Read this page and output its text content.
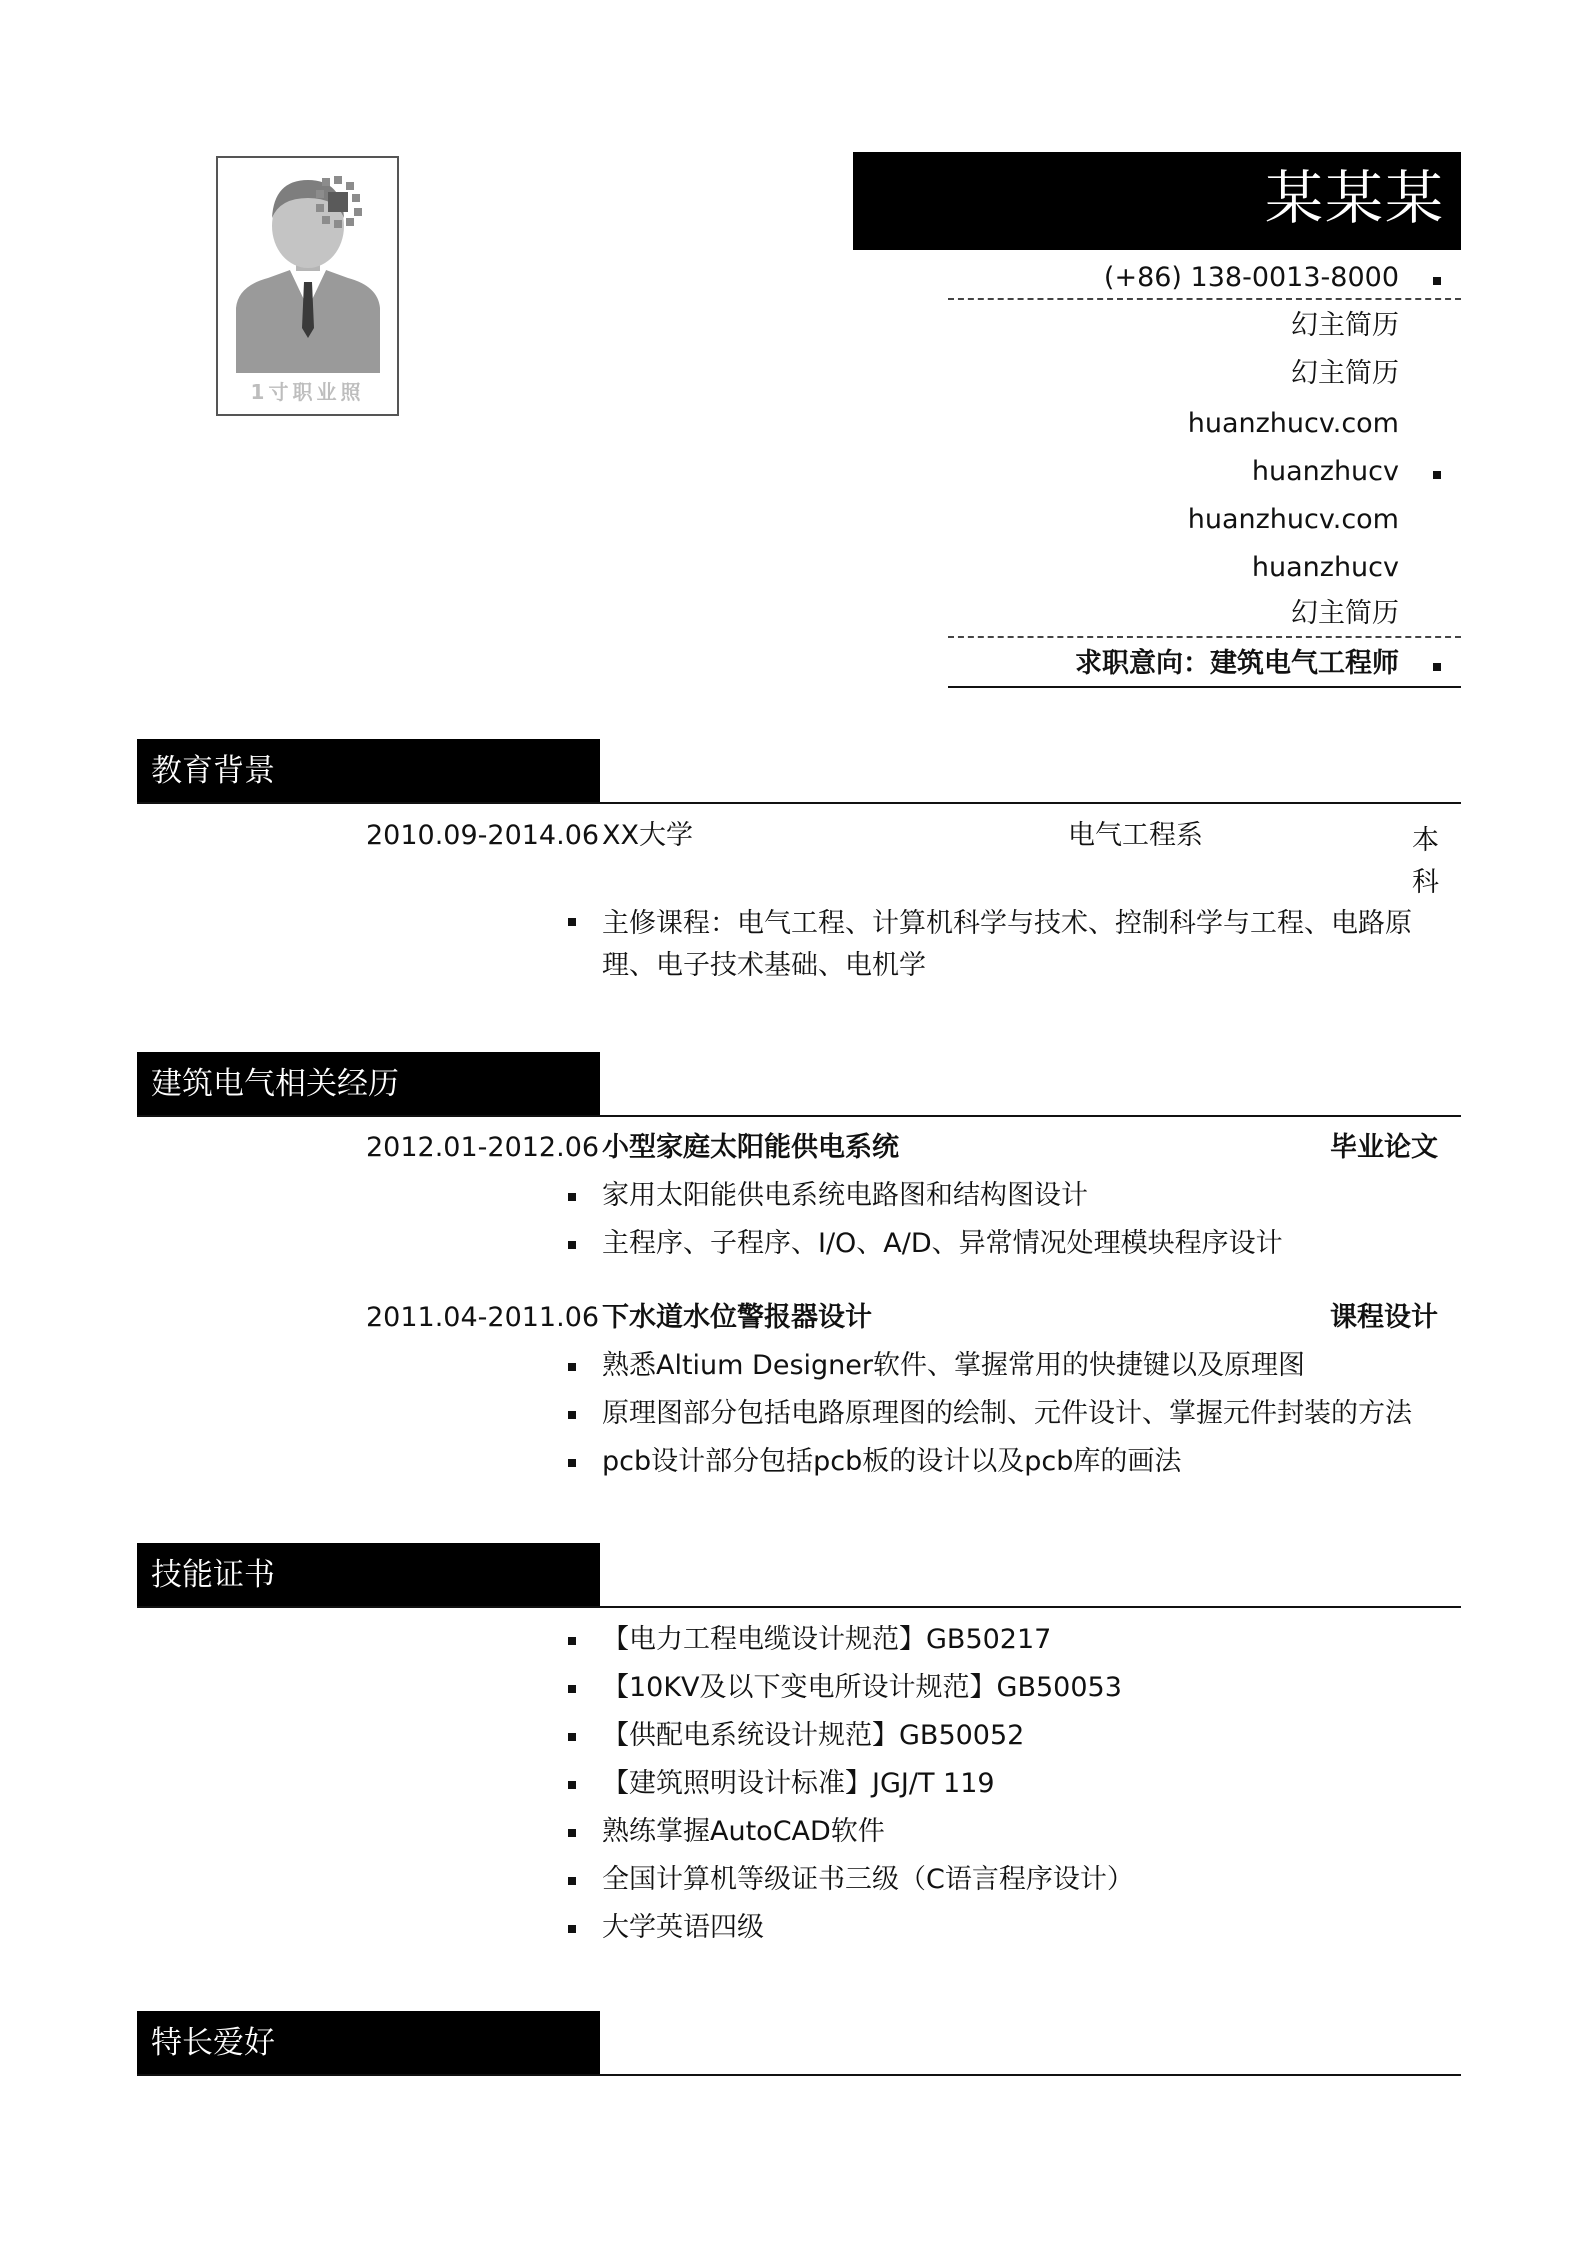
1寸职业照
某某某
(+86) 138-0013-8000
幻主简历
幻主简历
huanzhucv.com
huanzhucv
huanzhucv.com
huanzhucv
幻主简历
求职意向：建筑电气工程师
教育背景
2010.09-2014.06 XX大学	电气工程系	本科
主修课程：电气工程、计算机科学与技术、控制科学与工程、电路原理、电子技术基础、电机学
建筑电气相关经历
2012.01-2012.06 小型家庭太阳能供电系统	毕业论文
家用太阳能供电系统电路图和结构图设计
主程序、子程序、I/O、A/D、异常情况处理模块程序设计
2011.04-2011.06 下水道水位警报器设计	课程设计
熟悉Altium Designer软件、掌握常用的快捷键以及原理图
原理图部分包括电路原理图的绘制、元件设计、掌握元件封装的方法
pcb设计部分包括pcb板的设计以及pcb库的画法
技能证书
【电力工程电缆设计规范】GB50217
【10KV及以下变电所设计规范】GB50053
【供配电系统设计规范】GB50052
【建筑照明设计标准】JGJ/T 119
熟练掌握AutoCAD软件
全国计算机等级证书三级（C语言程序设计）
大学英语四级
特长爱好
